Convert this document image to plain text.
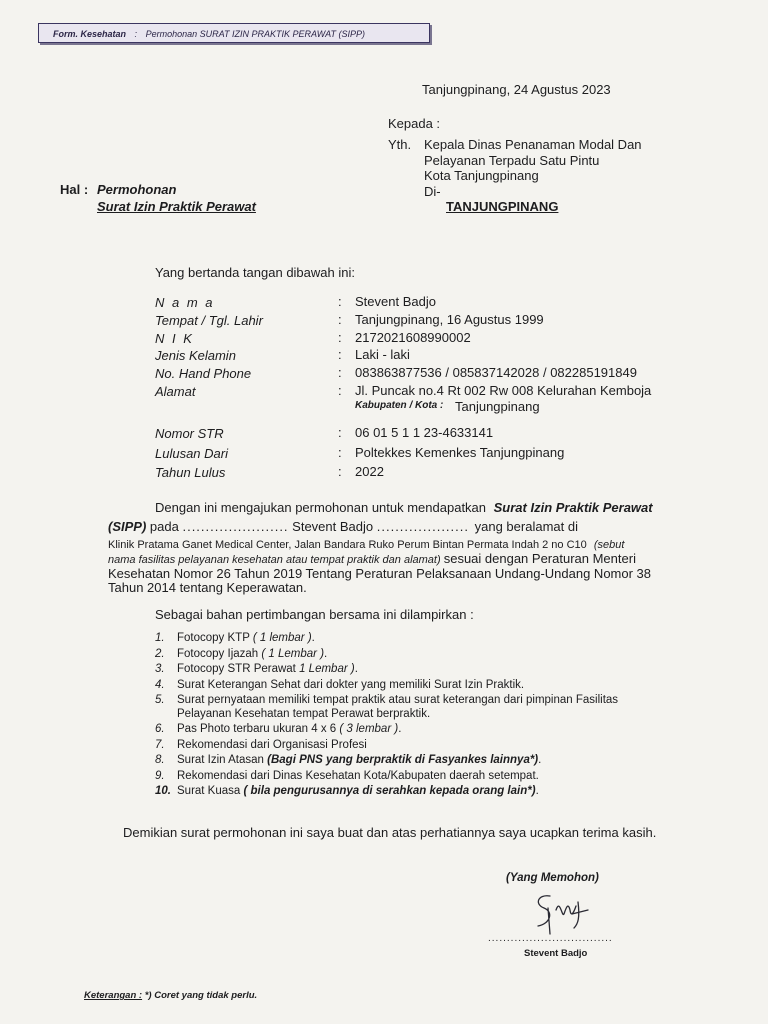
Form. Kesehatan : Permohonan SURAT IZIN PRAKTIK PERAWAT (SIPP)
Tanjungpinang, 24 Agustus 2023
Kepada :
Yth. Kepala Dinas Penanaman Modal Dan
Pelayanan Terpadu Satu Pintu
Kota Tanjungpinang
Di-
TANJUNGPINANG
Hal : Permohonan
Surat Izin Praktik Perawat
Yang bertanda tangan dibawah ini:
N a m a	: Stevent Badjo
Tempat / Tgl. Lahir	: Tanjungpinang, 16 Agustus 1999
N I K	: 2172021608990002
Jenis Kelamin	: Laki - laki
No. Hand Phone	: 083863877536 / 085837142028 / 082285191849
Alamat	: Jl. Puncak no.4 Rt 002 Rw 008 Kelurahan Kemboja
Kabupaten / Kota : Tanjungpinang
Nomor STR	: 06 01 5 1 1 23-4633141
Lulusan Dari	: Poltekkes Kemenkes Tanjungpinang
Tahun Lulus	: 2022
Dengan ini mengajukan permohonan untuk mendapatkan Surat Izin Praktik Perawat
(SIPP) pada ....................... Stevent Badjo .................... yang beralamat di
Klinik Pratama Ganet Medical Center, Jalan Bandara Ruko Perum Bintan Permata Indah 2 no C10 (sebut
nama fasilitas pelayanan kesehatan atau tempat praktik dan alamat) sesuai dengan Peraturan Menteri
Kesehatan Nomor 26 Tahun 2019 Tentang Peraturan Pelaksanaan Undang-Undang Nomor 38
Tahun 2014 tentang Keperawatan.
Sebagai bahan pertimbangan bersama ini dilampirkan :
1. Fotocopy KTP ( 1 lembar ).
2. Fotocopy Ijazah ( 1 Lembar ).
3. Fotocopy STR Perawat 1 Lembar ).
4. Surat Keterangan Sehat dari dokter yang memiliki Surat Izin Praktik.
5. Surat pernyataan memiliki tempat praktik atau surat keterangan dari pimpinan Fasilitas Pelayanan Kesehatan tempat Perawat berpraktik.
6. Pas Photo terbaru ukuran 4 x 6 ( 3 lembar ).
7. Rekomendasi dari Organisasi Profesi
8. Surat Izin Atasan (Bagi PNS yang berpraktik di Fasyankes lainnya*).
9. Rekomendasi dari Dinas Kesehatan Kota/Kabupaten daerah setempat.
10. Surat Kuasa ( bila pengurusannya di serahkan kepada orang lain*).
Demikian surat permohonan ini saya buat dan atas perhatiannya saya ucapkan terima kasih.
(Yang Memohon)
.................................
Stevent Badjo
Keterangan : *) Coret yang tidak perlu.
